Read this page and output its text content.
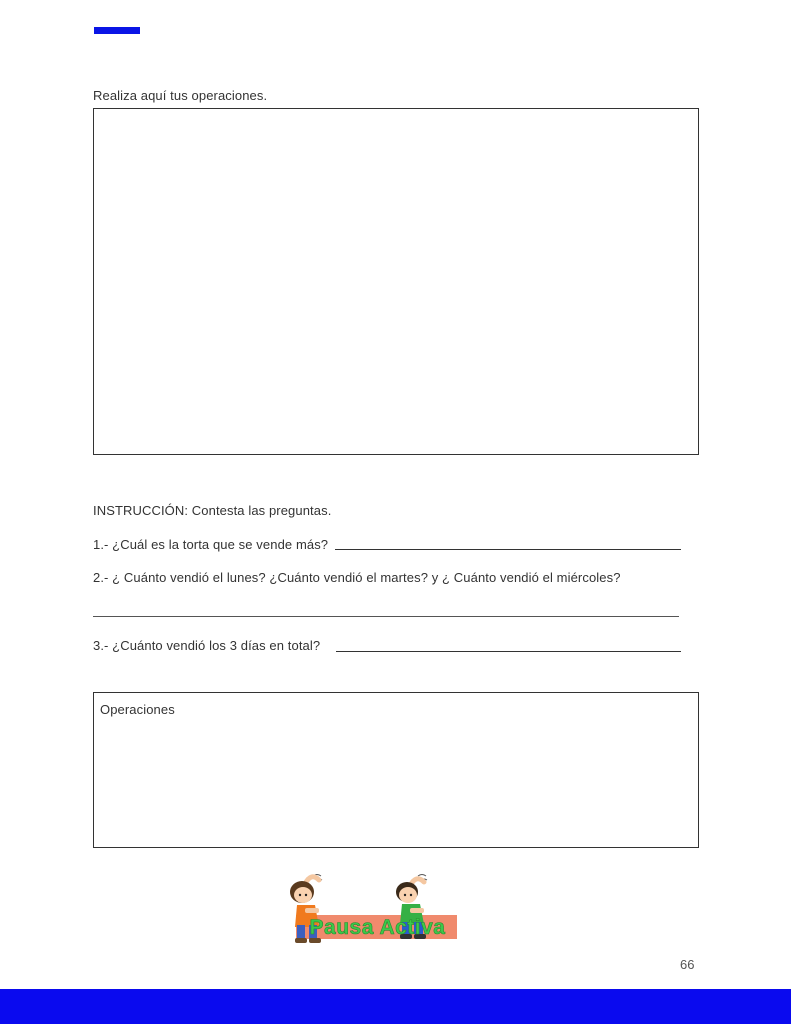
Realiza aquí tus operaciones.
INSTRUCCIÓN: Contesta las preguntas.
1.- ¿Cuál es la torta que se vende más?
2.- ¿ Cuánto vendió el lunes? ¿Cuánto vendió el martes? y ¿ Cuánto vendió el miércoles?
3.- ¿Cuánto vendió los 3 días en total?
Operaciones
Pausa Activa
66
